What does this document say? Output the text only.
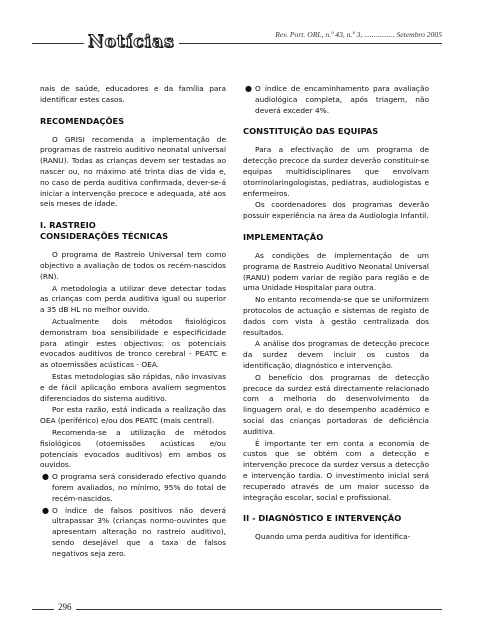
Notícias	Rev. Port. ORL, n.º 43, n.º 3, ..............., Setembro 2005

nais de saúde, educadores e da família para identificar estes casos.

RECOMENDAÇÕES

O GRISI recomenda a implementação de programas de rastreio auditivo neonatal universal (RANU). Todas as crianças devem ser testadas ao nascer ou, no máximo até trinta dias de vida e, no caso de perda auditiva confirmada, dever-se-á iniciar a intervenção precoce e adequada, até aos seis meses de idade.

I. RASTREIO
CONSIDERAÇÕES TÉCNICAS

O programa de Rastreio Universal tem como objectivo a avaliação de todos os recém-nascidos (RN).

A metodologia a utilizar deve detectar todas as crianças com perda auditiva igual ou superior a 35 dB HL no melhor ouvido.

Actualmente dois métodos fisiológicos demonstram boa sensibilidade e especificidade para atingir estes objectivos: os potenciais evocados auditivos de tronco cerebral - PEATC e as otoemissões acústicas - OEA.

Estas metodologias são rápidas, não invasivas e de fácil aplicação embora avaliem segmentos diferenciados do sistema auditivo.

Por esta razão, está indicada a realização das OEA (periférico) e/ou dos PEATC (mais central).

Recomenda-se a utilização de métodos fisiológicos (otoemissões acústicas e/ou potenciais evocados auditivos) em ambos os ouvidos.

● O programa será considerado efectivo quando forem avaliados, no mínimo, 95% do total de recém-nascidos.
● O índice de falsos positivos não deverá ultrapassar 3% (crianças normo-ouvintes que apresentam alteração no rastreio auditivo), sendo desejável que a taxa de falsos negativos seja zero.
● O índice de encaminhamento para avaliação audiológica completa, após triagem, não deverá exceder 4%.
CONSTITUIÇÃO DAS EQUIPAS

Para a efectivação de um programa de detecção precoce da surdez deverão constituir-se equipas multidisciplinares que envolvam otorrinolaringologistas, pediatras, audiologistas e enfermeiros.

Os coordenadores dos programas deverão possuir experiência na área da Audiologia Infantil.

IMPLEMENTAÇÃO

As condições de implementação de um programa de Rastreio Auditivo Neonatal Universal (RANU) podem variar de região para região e de uma Unidade Hospitalar para outra.

No entanto recomenda-se que se uniformizem protocolos de actuação e sistemas de registo de dados com vista à gestão centralizada dos resultados.

A análise dos programas de detecção precoce da surdez devem incluir os custos da identificação, diagnóstico e intervenção.

O benefício dos programas de detecção precoce da surdez está directamente relacionado com a melhoria do desenvolvimento da linguagem oral, e do desempenho académico e social das crianças portadoras de deficiência auditiva.

É importante ter em conta a economia de custos que se obtém com a detecção e intervenção precoce da surdez versus a detecção e intervenção tardia. O investimento inicial será recuperado através de um maior sucesso da integração escolar, social e profissional.

II - DIAGNÓSTICO E INTERVENÇÃO

Quando uma perda auditiva for identifica-

296
